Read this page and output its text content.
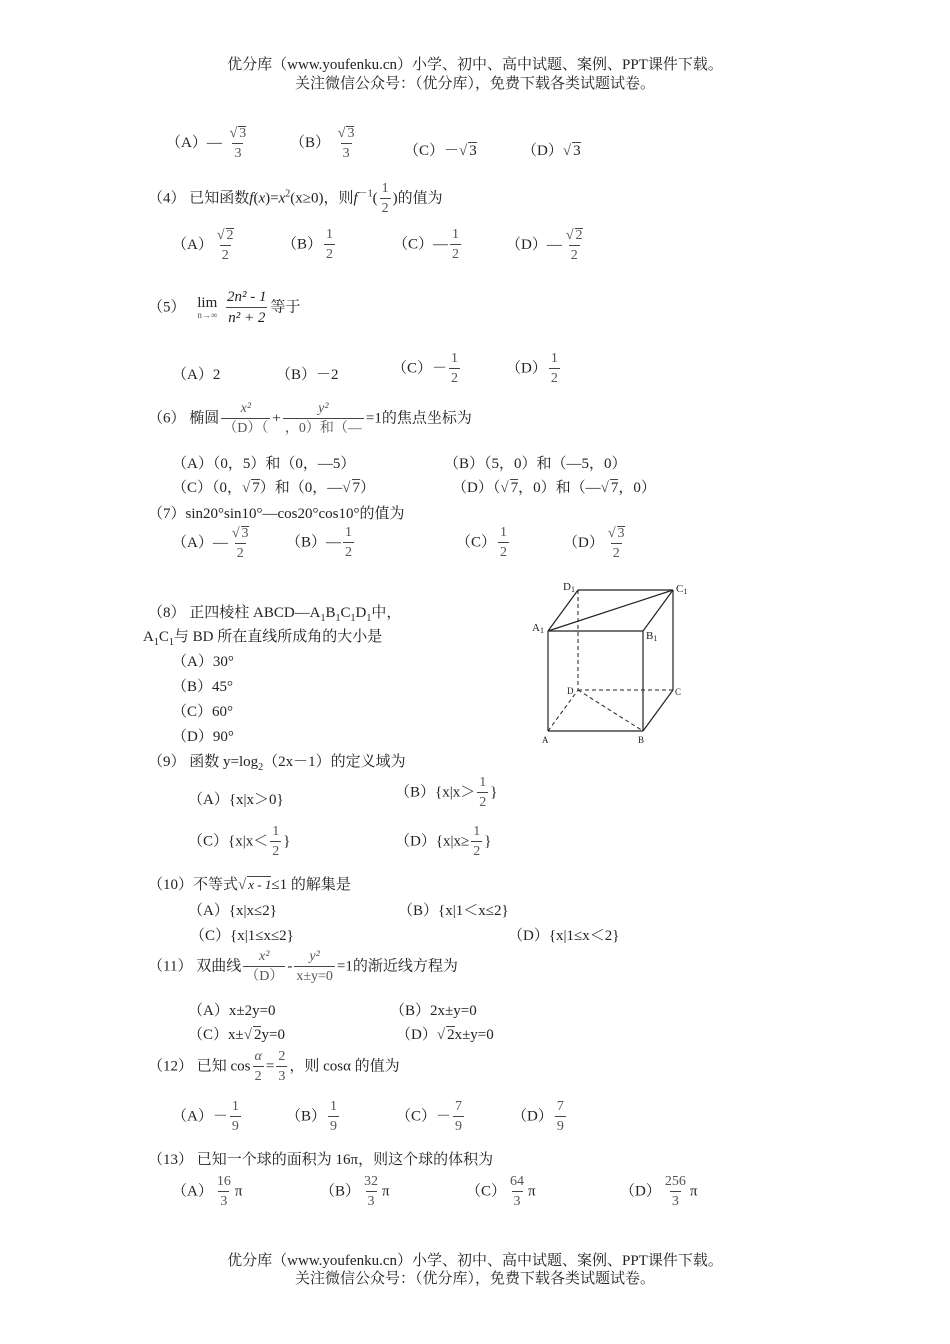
优分库（www.youfenku.cn）小学、初中、高中试题、案例、PPT课件下载。
关注微信公众号：（优分库），免费下载各类试题试卷。
（A）— $\frac{√ 3}{3}$	$(B) \frac{√ 3}{3}$	（C）－√ 3	（D）√ 3
（4） 已知函数$f(x)=x^2(x\ge 0)$，则$f^{-1}( \frac{1}{2}$ )的值为
$(A) \frac{√ 2}{2}$	$(B) \frac{1}{2}$	（C）— $\frac{1}{2}$	（D）— $\frac{√ 2}{2}$
（5） lim
n→∞
$\frac{\text{2n² - 1}}{\text{n² + 2}}$ 等于
（A）2	（B）－2	$(C)- \frac{1}{2}$	$(D) \frac{1}{2}$
（6） 椭圆 $\frac{\text{x²}}{(D)(} + \frac{\text{y²}}{\text{，0）和（—}} =1$的焦点坐标为
（A）（0，5）和（0，—5）	（B）（5，0）和（—5，0）
（C）（0，√ 7）和（0，—√ 7）	（D）（√ 7，0）和（—√ 7，0）
（7）sin20°sin10°—cos20°cos10°的值为
（A）— $\frac{√ 3}{2}$ （B）— $\frac{1}{2}$	$(C) \frac{1}{2}$	$(D) \frac{√ 3}{2}$
（8） 正四棱柱 $ABCD—A_1B_1C_1D_1$中，
$A_1C_1$与 BD 所在直线所成角的大小是
（A）30°
（B）45°
（C）60°
（D）90°
D1	C1
A1	B1
D	C
A	B
（9） 函数 $y=\log_2(2x-1)$的定义域为
（A）{x|x＞0}	$(B)\{x|x> \frac{1}{2}$ }
$(C)\{x|x< \frac{1}{2}$ }	$(D)\{x|x\ge \frac{1}{2}$ }
（10）不等式√ x - 1≤1 的解集是
（A）{x|x≤2}	（B）{x|1＜x≤2}
（C）{x|1≤x≤2}	（D）{x|1≤x＜2}
（11） 双曲线 $\frac{\text{x²}}{(D)} - \frac{\text{y²}}{x\pm y=0} =1$的渐近线方程为
（A）x±2y=0	（B）2x±y=0
（C）x±√ 2y=0	（D）√ 2x±y=0
（12） 已知 $\cos \frac{\alpha}{2} = \frac{2}{3}$ ，则 cosα 的值为
$(A)- \frac{1}{9}$	$(B) \frac{1}{9}$	$(C)- \frac{7}{9}$	$(D) \frac{7}{9}$
（13） 已知一个球的面积为 16π，则这个球的体积为
$(A) \frac{16}{3}$ π	$(B) \frac{32}{3}$ π	$(C) \frac{64}{3}$ π	$(D) \frac{256}{3}$ π
优分库（www.youfenku.cn）小学、初中、高中试题、案例、PPT课件下载。
关注微信公众号：（优分库），免费下载各类试题试卷。
